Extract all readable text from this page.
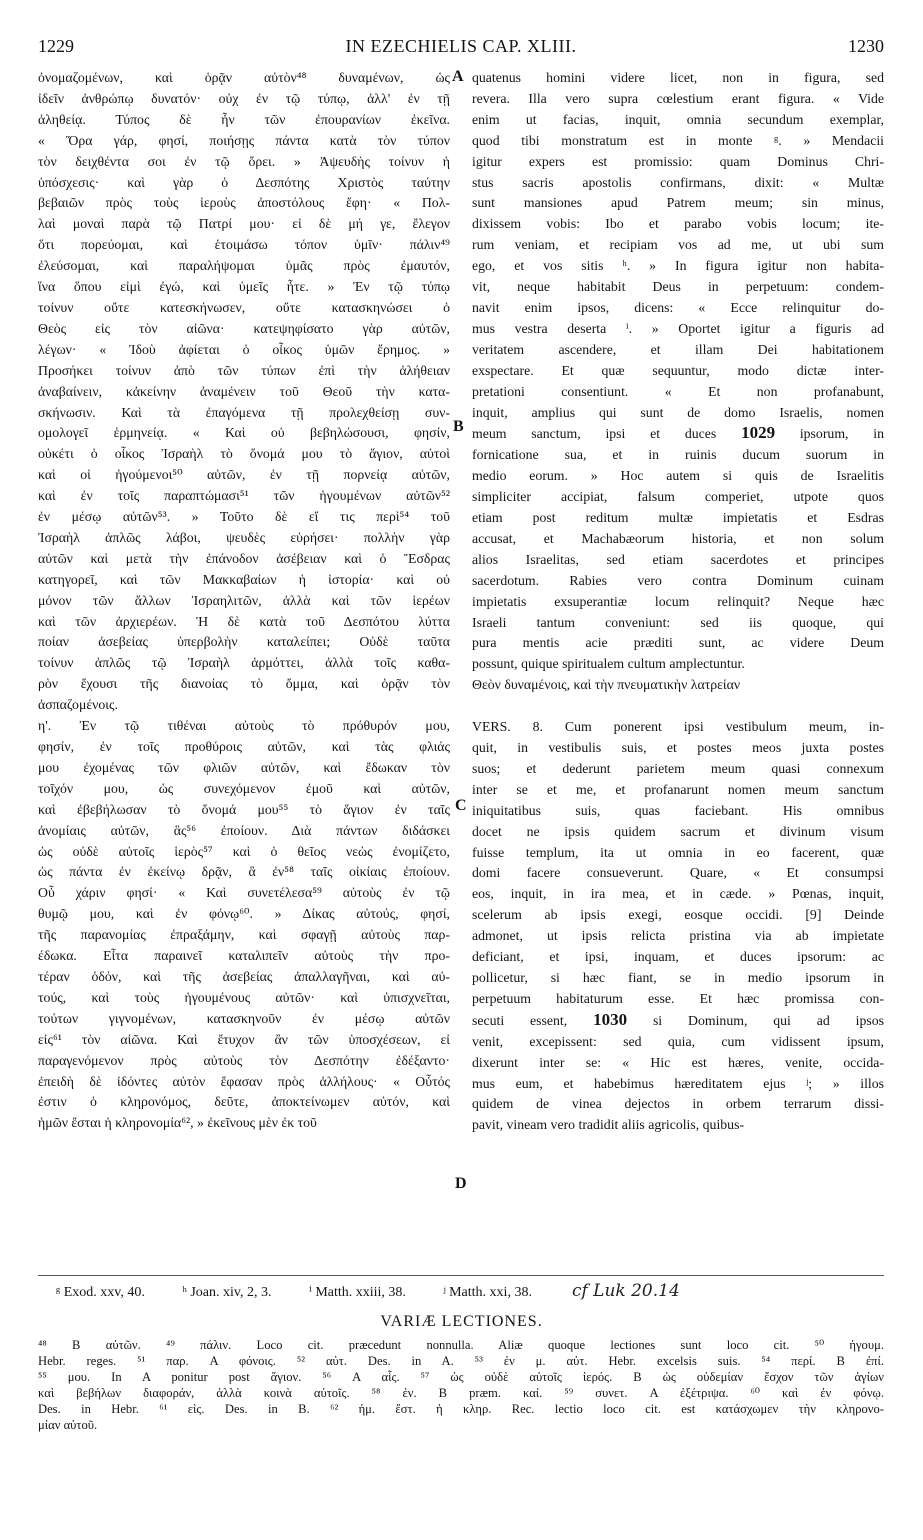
1229	IN EZECHIELIS CAP. XLIII.	1230
ὀνομαζομένων, καὶ ὁρᾷν αὐτὸν⁴⁸ δυναμένων, ὡς
ἰδεῖν ἀνθρώπῳ δυνατόν· οὐχ ἐν τῷ τύπῳ, ἀλλ' ἐν τῇ
ἀληθείᾳ. Τύπος δὲ ἦν τῶν ἐπουρανίων ἐκεῖνα.
« Ὅρα γάρ, φησί, ποιήσῃς πάντα κατὰ τὸν τύπον
τὸν δειχθέντα σοι ἐν τῷ ὄρει. » Ἀψευδὴς τοίνυν ἡ
ὑπόσχεσις· καὶ γὰρ ὁ Δεσπότης Χριστὸς ταύτην
βεβαιῶν πρὸς τοὺς ἱεροὺς ἀποστόλους ἔφη· « Πολ-
λαὶ μοναὶ παρὰ τῷ Πατρί μου· εἰ δὲ μή γε, ἔλεγον
ὅτι πορεύομαι, καὶ ἑτοιμάσω τόπον ὑμῖν· πάλιν⁴⁹
ἐλεύσομαι, καὶ παραλήψομαι ὑμᾶς πρὸς ἐμαυτόν,
ἵνα ὅπου εἰμὶ ἐγώ, καὶ ὑμεῖς ἦτε. » Ἐν τῷ τύπῳ
τοίνυν οὔτε κατεσκήνωσεν, οὔτε κατασκηνώσει ὁ
Θεὸς εἰς τὸν αἰῶνα· κατεψηφίσατο γὰρ αὐτῶν,
λέγων· « Ἰδοὺ ἀφίεται ὁ οἶκος ὑμῶν ἔρημος. »
Προσήκει τοίνυν ἀπὸ τῶν τύπων ἐπὶ τὴν ἀλήθειαν
ἀναβαίνειν, κἀκείνην ἀναμένειν τοῦ Θεοῦ τὴν κατα-
σκήνωσιν. Καὶ τὰ ἐπαγόμενα τῇ προλεχθείσῃ συν-
ομολογεῖ ἑρμηνείᾳ. « Καὶ οὐ βεβηλώσουσι, φησίν,
οὐκέτι ὁ οἶκος Ἰσραὴλ τὸ ὄνομά μου τὸ ἅγιον, αὐτοὶ
καὶ οἱ ἡγούμενοι⁵⁰ αὐτῶν, ἐν τῇ πορνείᾳ αὐτῶν,
καὶ ἐν τοῖς παραπτώμασι⁵¹ τῶν ἡγουμένων αὐτῶν⁵²
ἐν μέσῳ αὐτῶν⁵³. » Τοῦτο δὲ εἴ τις περὶ⁵⁴ τοῦ
Ἰσραὴλ ἁπλῶς λάβοι, ψευδὲς εὑρήσει· πολλὴν γὰρ
αὐτῶν καὶ μετὰ τὴν ἐπάνοδον ἀσέβειαν καὶ ὁ Ἔσδρας
κατηγορεῖ, καὶ τῶν Μακκαβαίων ἡ ἱστορία· καὶ οὐ
μόνον τῶν ἄλλων Ἰσραηλιτῶν, ἀλλὰ καὶ τῶν ἱερέων
καὶ τῶν ἀρχιερέων. Ἡ δὲ κατὰ τοῦ Δεσπότου λύττα
ποίαν ἀσεβείας ὑπερβολὴν καταλείπει; Οὐδὲ ταῦτα
τοίνυν ἁπλῶς τῷ Ἰσραὴλ ἁρμόττει, ἀλλὰ τοῖς καθα-
ρὸν ἔχουσι τῆς διανοίας τὸ ὄμμα, καὶ ὁρᾷν τὸν
ἀσπαζομένοις.
η'. Ἐν τῷ τιθέναι αὐτοὺς τὸ πρόθυρόν μου,
φησίν, ἐν τοῖς προθύροις αὐτῶν, καὶ τὰς φλιάς
μου ἐχομένας τῶν φλιῶν αὐτῶν, καὶ ἔδωκαν τὸν
τοῖχόν μου, ὡς συνεχόμενον ἐμοῦ καὶ αὐτῶν,
καὶ ἐβεβήλωσαν τὸ ὄνομά μου⁵⁵ τὸ ἅγιον ἐν ταῖς
ἀνομίαις αὐτῶν, ἃς⁵⁶ ἐποίουν. Διὰ πάντων διδάσκει
ὡς οὐδὲ αὐτοῖς ἱερὸς⁵⁷ καὶ ὁ θεῖος νεὼς ἐνομίζετο,
ὡς πάντα ἐν ἐκείνῳ δρᾷν, ἃ ἐν⁵⁸ ταῖς οἰκίαις ἐποίουν.
Οὗ χάριν φησί· « Καὶ συνετέλεσα⁵⁹ αὐτοὺς ἐν τῷ
θυμῷ μου, καὶ ἐν φόνῳ⁶⁰. » Δίκας αὐτούς, φησί,
τῆς παρανομίας ἐπραξάμην, καὶ σφαγῇ αὐτοὺς παρ-
έδωκα. Εἶτα παραινεῖ καταλιπεῖν αὐτοὺς τὴν προ-
τέραν ὁδόν, καὶ τῆς ἀσεβείας ἀπαλλαγῆναι, καὶ αὐ-
τούς, καὶ τοὺς ἡγουμένους αὐτῶν· καὶ ὑπισχνεῖται,
τούτων γιγνομένων, κατασκηνοῦν ἐν μέσῳ αὐτῶν
εἰς⁶¹ τὸν αἰῶνα. Καὶ ἔτυχον ἂν τῶν ὑποσχέσεων, εἰ
παραγενόμενον πρὸς αὐτοὺς τὸν Δεσπότην ἐδέξαντο·
ἐπειδὴ δὲ ἰδόντες αὐτὸν ἔφασαν πρὸς ἀλλήλους· « Οὗτός
ἐστιν ὁ κληρονόμος, δεῦτε, ἀποκτείνωμεν αὐτόν, καὶ
ἡμῶν ἔσται ἡ κληρονομία⁶², » ἐκεῖνους μὲν ἐκ τοῦ
quatenus homini videre licet, non in figura, sed
revera. Illa vero supra cœlestium erant figura. « Vide
enim ut facias, inquit, omnia secundum exemplar,
quod tibi monstratum est in monte ᵍ. » Mendacii
igitur expers est promissio: quam Dominus Chri-
stus sacris apostolis confirmans, dixit: « Multæ
sunt mansiones apud Patrem meum; sin minus,
dixissem vobis: Ibo et parabo vobis locum; ite-
rum veniam, et recipiam vos ad me, ut ubi sum
ego, et vos sitis ʰ. » In figura igitur non habita-
vit, neque habitabit Deus in perpetuum: condem-
navit enim ipsos, dicens: « Ecce relinquitur do-
mus vestra deserta ⁱ. » Oportet igitur a figuris ad
veritatem ascendere, et illam Dei habitationem
exspectare. Et quæ sequuntur, modo dictæ inter-
pretationi consentiunt. « Et non profanabunt,
inquit, amplius qui sunt de domo Israelis, nomen
meum sanctum, ipsi et duces 1029 ipsorum, in
fornicatione sua, et in ruinis ducum suorum in
medio eorum. » Hoc autem si quis de Israelitis
simpliciter accipiat, falsum comperiet, utpote quos
etiam post reditum multæ impietatis et Esdras
accusat, et Machabæorum historia, et non solum
alios Israelitas, sed etiam sacerdotes et principes
sacerdotum. Rabies vero contra Dominum cuinam
impietatis exsuperantiæ locum relinquit? Neque hæc
Israeli tantum conveniunt: sed iis quoque, qui
pura mentis acie præditi sunt, ac videre Deum
possunt, quique spiritualem cultum amplectuntur.
Θεὸν δυναμένοις, καὶ τὴν πνευματικὴν λατρείαν

VERS. 8. Cum ponerent ipsi vestibulum meum, in-
quit, in vestibulis suis, et postes meos juxta postes
suos; et dederunt parietem meum quasi connexum
inter se et me, et profanarunt nomen meum sanctum
iniquitatibus suis, quas faciebant. His omnibus
docet ne ipsis quidem sacrum et divinum visum
fuisse templum, ita ut omnia in eo facerent, quæ
domi facere consueverunt. Quare, « Et consumpsi
eos, inquit, in ira mea, et in cæde. » Pœnas, inquit,
scelerum ab ipsis exegi, eosque occidi. [9] Deinde
admonet, ut ipsis relicta pristina via ab impietate
deficiant, et ipsi, inquam, et duces ipsorum: ac
pollicetur, si hæc fiant, se in medio ipsorum in
perpetuum habitaturum esse. Et hæc promissa con-
secuti essent, 1030 si Dominum, qui ad ipsos
venit, excepissent: sed quia, cum vidissent ipsum,
dixerunt inter se: « Hic est hæres, venite, occida-
mus eum, et habebimus hæreditatem ejus ʲ; » illos
quidem de vinea dejectos in orbem terrarum dissi-
pavit, vineam vero tradidit aliis agricolis, quibus-
A
B
C
D
ᵍ Exod. xxv, 40.	ʰ Joan. xiv, 2, 3.	ⁱ Matth. xxiii, 38.	ʲ Matth. xxi, 38. cf Luk 20.14
VARIÆ LECTIONES.
⁴⁸ B αὐτῶν. ⁴⁹ πάλιν. Loco cit. præcedunt nonnulla. Aliæ quoque lectiones sunt loco cit. ⁵⁰ ἡγουμ.
Hebr. reges. ⁵¹ παρ. A φόνοις. ⁵² αὐτ. Des. in A. ⁵³ ἐν μ. αὐτ. Hebr. excelsis suis. ⁵⁴ περί. B ἐπί.
⁵⁵ μου. In A ponitur post ἅγιον. ⁵⁶ A αἷς. ⁵⁷ ὡς οὐδὲ αὐτοῖς ἱερός. B ὡς οὐδεμίαν ἔσχον τῶν ἁγίων
καὶ βεβήλων διαφοράν, ἀλλὰ κοινὰ αὐτοῖς. ⁵⁸ ἐν. B præm. καί. ⁵⁹ συνετ. A ἐξέτριψα. ⁶⁰ καὶ ἐν φόνῳ.
Des. in Hebr. ⁶¹ εἰς. Des. in B. ⁶² ἡμ. ἔστ. ἡ κληρ. Rec. lectio loco cit. est κατάσχωμεν τὴν κληρονο-
μίαν αὐτοῦ.
